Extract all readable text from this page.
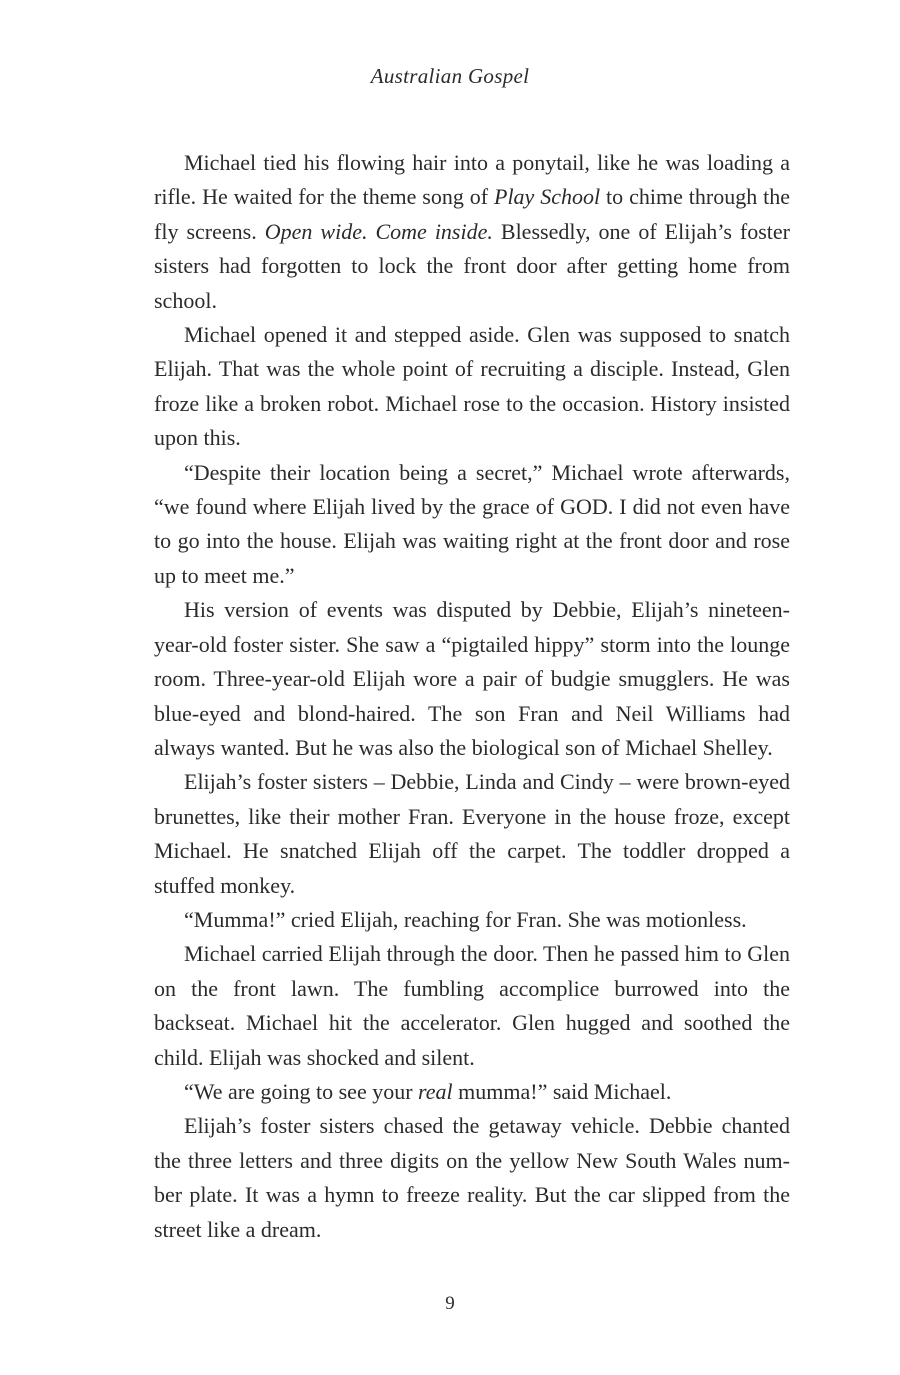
Australian Gospel

Michael tied his flowing hair into a ponytail, like he was loading a rifle. He waited for the theme song of Play School to chime through the fly screens. Open wide. Come inside. Blessedly, one of Elijah’s foster sisters had forgotten to lock the front door after getting home from school.

Michael opened it and stepped aside. Glen was supposed to snatch Elijah. That was the whole point of recruiting a disciple. Instead, Glen froze like a broken robot. Michael rose to the occasion. History insisted upon this.

“Despite their location being a secret,” Michael wrote afterwards, “we found where Elijah lived by the grace of GOD. I did not even have to go into the house. Elijah was waiting right at the front door and rose up to meet me.”

His version of events was disputed by Debbie, Elijah’s nineteen-year-old foster sister. She saw a “pigtailed hippy” storm into the lounge room. Three-year-old Elijah wore a pair of budgie smugglers. He was blue-eyed and blond-haired. The son Fran and Neil Williams had always wanted. But he was also the biological son of Michael Shelley.

Elijah’s foster sisters – Debbie, Linda and Cindy – were brown-eyed brunettes, like their mother Fran. Everyone in the house froze, except Michael. He snatched Elijah off the carpet. The toddler dropped a stuffed monkey.

“Mumma!” cried Elijah, reaching for Fran. She was motionless.

Michael carried Elijah through the door. Then he passed him to Glen on the front lawn. The fumbling accomplice burrowed into the backseat. Michael hit the accelerator. Glen hugged and soothed the child. Elijah was shocked and silent.

“We are going to see your real mumma!” said Michael.

Elijah’s foster sisters chased the getaway vehicle. Debbie chanted the three letters and three digits on the yellow New South Wales number plate. It was a hymn to freeze reality. But the car slipped from the street like a dream.

9
